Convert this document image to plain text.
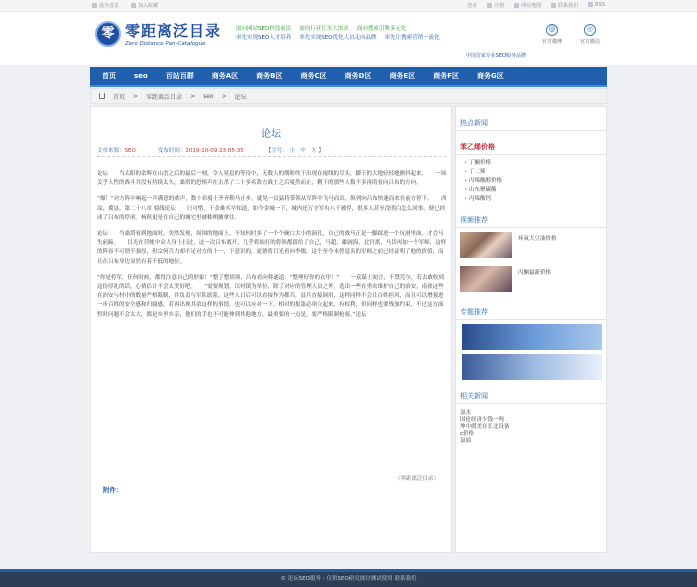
设为首页	加入收藏	登录	注册	网站地图	联系我们	RSS
零 零距离泛目录
Zero Distance Pan-Catalogue
面向网站SEO科技前沿 面向行业长至大需求 面向搜索引擎多元化
率先实现SEO人才培养 率先实现SEO优化人员走向品牌 率先让搜索营销一流化
中国首家专业SEO服务品牌
@
官方微博
◎
官方微信
首页	seo	百站百群	商务A区	商务B区	商务C区	商务D区	商务E区	商务F区	商务G区
首页 > 零距离泛目录 > seo > 论坛
论坛
文章来源：SEO	发布时间：2019-10-09 23:05:35	【字号： 小 中 大 】

论坛　　当太阳的余晖在山峦之后的最后一刻，令人窒息的等待中，无数人的期盼终于出现在视线的尽头，脚下的大地轻轻地颤抖起来。　　一场关乎人性的战斗并没有持续太久，桑塔的恐惧声在击杀了二十多名敌方战士之后戛然而止，剩下的那些人数不多再的看向吕布的方向。

“爆！”对方阵中响起一声满意的欢声，数十名骑士齐齐勒马止步，就见一员猛将带领从军阵中飞马而出，纵列向吕布快速而来在前方停下。　　西凉，冀县。第二十八章 骑线论坛　　只可惜，千金难买早知道，如今金城一下，城内还万守军有八千被俘，很多人甚至没明白怎么回事，便已经成了吕布的俘虏。杨秋更是在自己的城宅里被嵇朔擒拿住。

论坛　　当桑塔看到地面时，突然发现，周围的地面上，不知何时多了一个个碗口大小的洞孔，自己的战马正是一脚踩进一个坑洞里面，才会马失前蹄。　　目光在营帐中众人身上扫过，这一次吕布离开，几乎将始打的将领都留给了自己，马超，雄阔海，北宫离，马岱再加一个军师，这样的阵容不可谓不强厚，但宗何兵力却不足对方的十一，下意识的，庞德将目光看向李儒，这个至今未曾退名的军师之前已经证明了他的价值，而且在吕布身边显然有着不低的地位。

“你是将军，任何时候，都得注意自己的形象！”整了整胡须，吕布看向韩遂道：“整理好你的衣甲！”　　一众谋士闻言，不禁莞尔，若去敢收到这份厚礼的话，心情估计不会太美好吧。　　“需要规划，以村镇为单位，除了对应的管理人员之外，选出一些在勇农维护自己的治安，南侠这些在治安与村中的数量严格限制，并负责与军队联系，这些人日后可以直接作为都兵，县兵直接调用，这样同样不会让百姓担风，而且可以增强进一步百姓的安全感和归属感，若再出现其余这样的事情，也可以应对一下，相对的报第必须立起来，有权利，但同样也要残加约束，不过这方面暂时问题不会太大，都是乡里乡亲，他们的手也不可能伸到其他地方，最重要的一点是，要严格限制枪骑。”论坛

（零距离泛目录）
附件：
热点新闻
苯乙烯价格
• 丁酮价格
• 丁二烯
• 丙烯酸醇价格
• 山东聚碳酯
• 丙烯酸钙
视频推荐
环氧大豆油价格
丙酮最新价格
专题推荐
相关新闻
氯水
国伦经济少钱一吨
坤中缓美在长北设备
c价格
氯油
© 论坛SEO服务 - 仅供SEO研究探讨测试使用 联系我们
